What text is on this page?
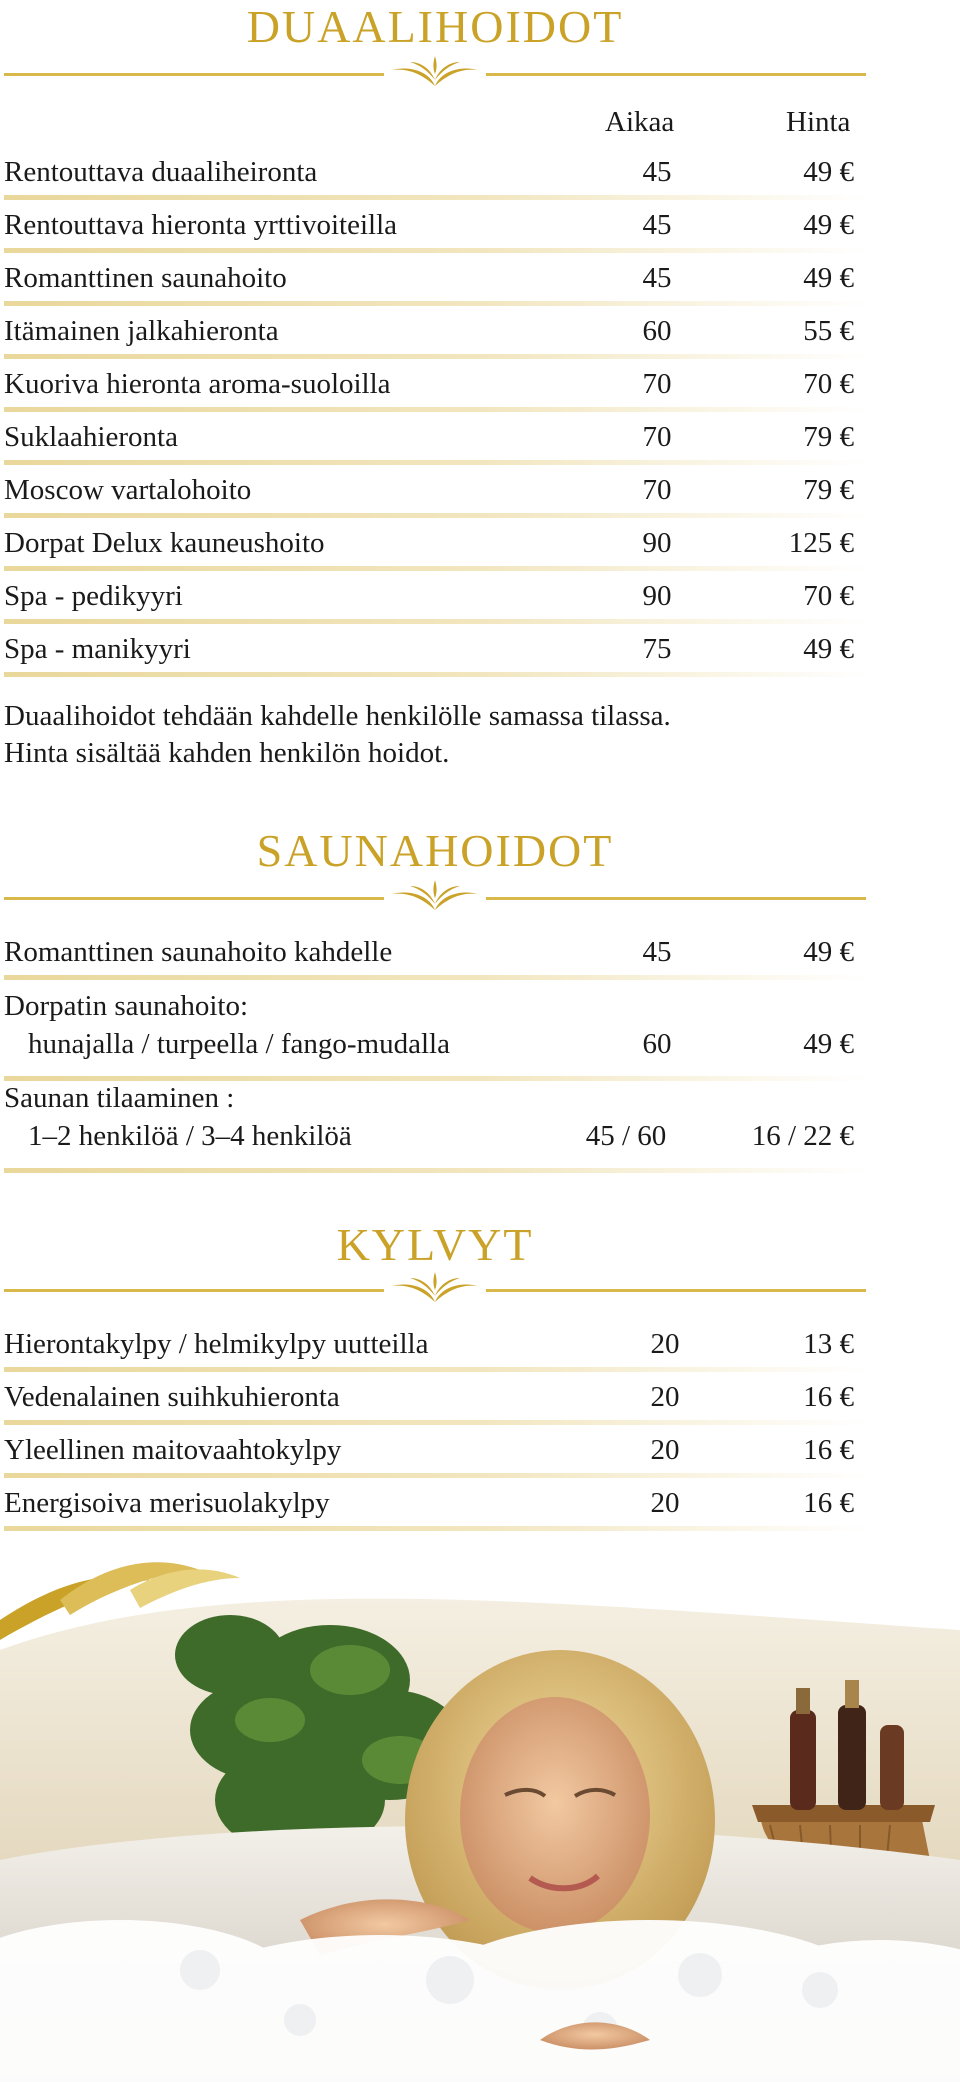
DUAALIHOIDOT
Aikaa	Hinta
Rentouttava duaaliheironta	45	49 €
Rentouttava hieronta yrttivoiteilla	45	49 €
Romanttinen saunahoito	45	49 €
Itämainen jalkahieronta	60	55 €
Kuoriva hieronta aroma-suoloilla	70	70 €
Suklaahieronta	70	79 €
Moscow vartalohoito	70	79 €
Dorpat Delux kauneushoito	90	125 €
Spa - pedikyyri	90	70 €
Spa - manikyyri	75	49 €
Duaalihoidot tehdään kahdelle henkilölle samassa tilassa.
Hinta sisältää kahden henkilön hoidot.
SAUNAHOIDOT
Romanttinen saunahoito kahdelle	45	49 €
Dorpatin saunahoito:
hunajalla / turpeella / fango-mudalla	60	49 €
Saunan tilaaminen :
1–2 henkilöä / 3–4 henkilöä	45 / 60	16 / 22 €
KYLVYT
Hierontakylpy / helmikylpy uutteilla	20	13 €
Vedenalainen suihkuhieronta	20	16 €
Yleellinen maitovaahtokylpy	20	16 €
Energisoiva merisuolakylpy	20	16 €
